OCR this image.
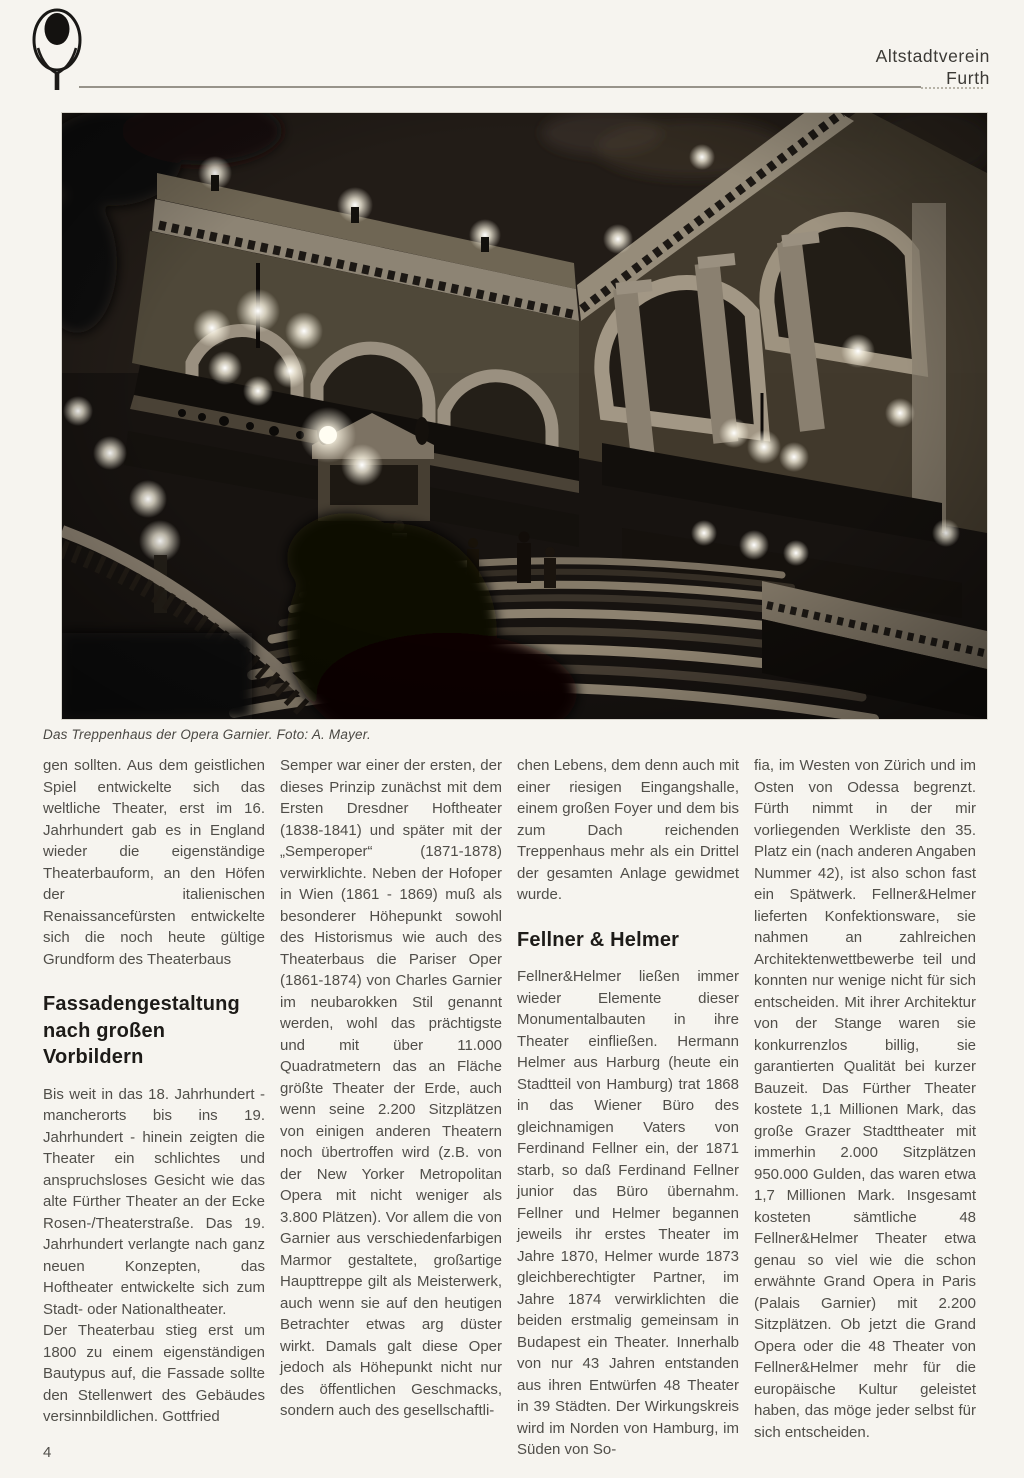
Altstadtverein
Furth
Das Treppenhaus der Opera Garnier. Foto: A. Mayer.

gen sollten. Aus dem geistlichen Spiel entwickelte sich das weltliche Theater, erst im 16. Jahrhundert gab es in England wieder die eigenständige Theaterbauform, an den Höfen der italienischen Renaissancefürsten entwickelte sich die noch heute gültige Grundform des Theaterbaus

Fassadengestaltung nach großen Vorbildern

Bis weit in das 18. Jahrhundert - mancherorts bis ins 19. Jahrhundert - hinein zeigten die Theater ein schlichtes und anspruchsloses Gesicht wie das alte Fürther Theater an der Ecke Rosen-/Theaterstraße. Das 19. Jahrhundert verlangte nach ganz neuen Konzepten, das Hoftheater entwickelte sich zum Stadt- oder Nationaltheater.

Der Theaterbau stieg erst um 1800 zu einem eigenständigen Bautypus auf, die Fassade sollte den Stellenwert des Gebäudes versinnbildlichen. Gottfried

Semper war einer der ersten, der dieses Prinzip zunächst mit dem Ersten Dresdner Hoftheater (1838-1841) und später mit der „Semperoper“ (1871-1878) verwirklichte. Neben der Hofoper in Wien (1861 - 1869) muß als besonderer Höhepunkt sowohl des Historismus wie auch des Theaterbaus die Pariser Oper (1861-1874) von Charles Garnier im neubarokken Stil genannt werden, wohl das prächtigste und mit über 11.000 Quadratmetern das an Fläche größte Theater der Erde, auch wenn seine 2.200 Sitzplätzen von einigen anderen Theatern noch übertroffen wird (z.B. von der New Yorker Metropolitan Opera mit nicht weniger als 3.800 Plätzen). Vor allem die von Garnier aus verschiedenfarbigen Marmor gestaltete, großartige Haupttreppe gilt als Meisterwerk, auch wenn sie auf den heutigen Betrachter etwas arg düster wirkt. Damals galt diese Oper jedoch als Höhepunkt nicht nur des öffentlichen Geschmacks, sondern auch des gesellschaftli-

chen Lebens, dem denn auch mit einer riesigen Eingangshalle, einem großen Foyer und dem bis zum Dach reichenden Treppenhaus mehr als ein Drittel der gesamten Anlage gewidmet wurde.

Fellner & Helmer

Fellner&Helmer ließen immer wieder Elemente dieser Monumentalbauten in ihre Theater einfließen. Hermann Helmer aus Harburg (heute ein Stadtteil von Hamburg) trat 1868 in das Wiener Büro des gleichnamigen Vaters von Ferdinand Fellner ein, der 1871 starb, so daß Ferdinand Fellner junior das Büro übernahm. Fellner und Helmer begannen jeweils ihr erstes Theater im Jahre 1870, Helmer wurde 1873 gleichberechtigter Partner, im Jahre 1874 verwirklichten die beiden erstmalig gemeinsam in Budapest ein Theater. Innerhalb von nur 43 Jahren entstanden aus ihren Entwürfen 48 Theater in 39 Städten. Der Wirkungskreis wird im Norden von Hamburg, im Süden von So-

fia, im Westen von Zürich und im Osten von Odessa begrenzt. Fürth nimmt in der mir vorliegenden Werkliste den 35. Platz ein (nach anderen Angaben Nummer 42), ist also schon fast ein Spätwerk. Fellner&Helmer lieferten Konfektionsware, sie nahmen an zahlreichen Architektenwettbewerbe teil und konnten nur wenige nicht für sich entscheiden. Mit ihrer Architektur von der Stange waren sie konkurrenzlos billig, sie garantierten Qualität bei kurzer Bauzeit. Das Fürther Theater kostete 1,1 Millionen Mark, das große Grazer Stadttheater mit immerhin 2.000 Sitzplätzen 950.000 Gulden, das waren etwa 1,7 Millionen Mark. Insgesamt kosteten sämtliche 48 Fellner&Helmer Theater etwa genau so viel wie die schon erwähnte Grand Opera in Paris (Palais Garnier) mit 2.200 Sitzplätzen. Ob jetzt die Grand Opera oder die 48 Theater von Fellner&Helmer mehr für die europäische Kultur geleistet haben, das möge jeder selbst für sich entscheiden.

4
